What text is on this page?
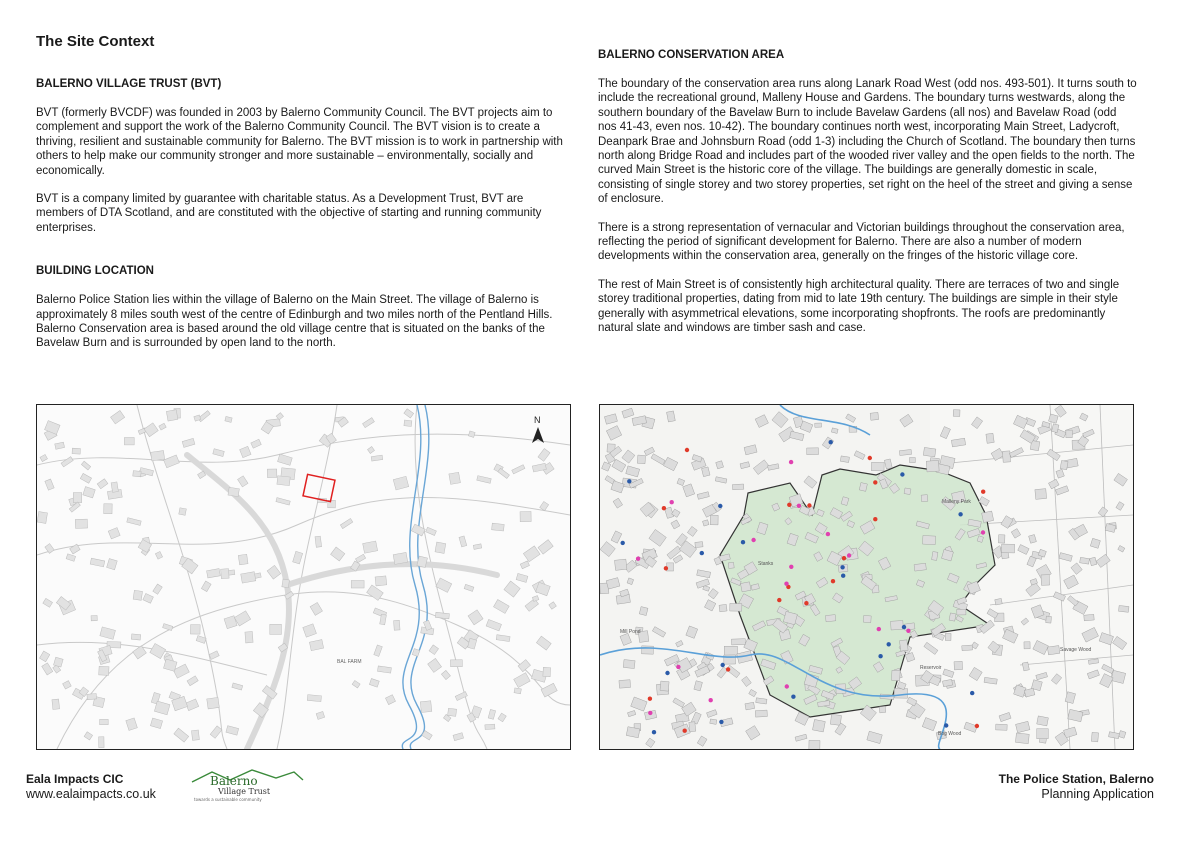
The Site Context
BALERNO VILLAGE TRUST (BVT)

BVT (formerly BVCDF) was founded in 2003 by Balerno Community Council. The BVT projects aim to complement and support the work of the Balerno Community Council. The BVT vision is to create a thriving, resilient and sustainable community for Balerno. The BVT mission is to work in partnership with others to help make our community stronger and more sustainable – environmentally, socially and economically.

BVT is a company limited by guarantee with charitable status. As a Development Trust, BVT are members of DTA Scotland, and are constituted with the objective of starting and running community enterprises.

BUILDING LOCATION

Balerno Police Station lies within the village of Balerno on the Main Street. The village of Balerno is approximately 8 miles south west of the centre of Edinburgh and two miles north of the Pentland Hills. Balerno Conservation area is based around the old village centre that is situated on the banks of the Bavelaw Burn and is surrounded by open land to the north.

BALERNO CONSERVATION AREA

The boundary of the conservation area runs along Lanark Road West (odd nos. 493-501). It turns south to include the recreational ground, Malleny House and Gardens. The boundary turns westwards, along the southern boundary of the Bavelaw Burn to include Bavelaw Gardens (all nos) and Bavelaw Road (odd nos 41-43, even nos. 10-42). The boundary continues north west, incorporating Main Street, Ladycroft, Deanpark Brae and Johnsburn Road (odd 1-3) including the Church of Scotland. The boundary then turns north along Bridge Road and includes part of the wooded river valley and the open fields to the north. The curved Main Street is the historic core of the village. The buildings are generally domestic in scale, consisting of single storey and two storey properties, set right on the heel of the street and giving a sense of enclosure.

There is a strong representation of vernacular and Victorian buildings throughout the conservation area, reflecting the period of significant development for Balerno. There are also a number of modern developments within the conservation area, generally on the fringes of the historic village core.

The rest of Main Street is of consistently high architectural quality. There are terraces of two and single storey traditional properties, dating from mid to late 19th century. The buildings are simple in their style generally with asymmetrical elevations, some incorporating shopfronts. The roofs are predominantly natural slate and windows are timber sash and case.

N
BAL FARM
Malleny Park
Reservoir
Savage Wood
Bog Wood
Mill Pond
Stanks
Eala Impacts CIC
www.ealaimpacts.co.uk
Balerno
Village Trust
towards a sustainable community
The Police Station, Balerno
Planning Application
